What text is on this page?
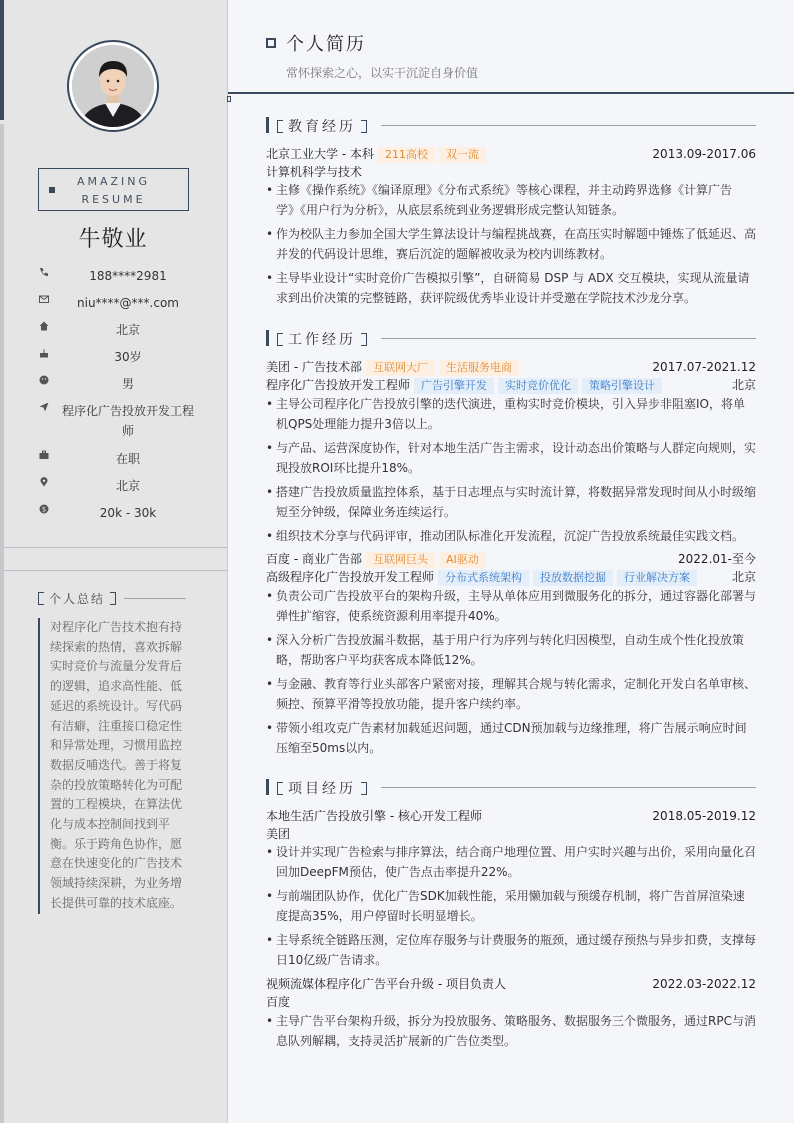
AMAZING
RESUME
牛敬业
188****2981
niu****@***.com
北京
30岁
男
程序化广告投放开发工程师
在职
北京
$	20k - 30k
个人总结
对程序化广告技术抱有持续探索的热情，喜欢拆解实时竞价与流量分发背后的逻辑，追求高性能、低延迟的系统设计。写代码有洁癖，注重接口稳定性和异常处理，习惯用监控数据反哺迭代。善于将复杂的投放策略转化为可配置的工程模块，在算法优化与成本控制间找到平衡。乐于跨角色协作，愿意在快速变化的广告技术领域持续深耕，为业务增长提供可靠的技术底座。
个人简历
常怀探索之心，以实干沉淀自身价值
教育经历
北京工业大学 - 本科 211高校 双一流	2013.09-2017.06
计算机科学与技术
• 主修《操作系统》《编译原理》《分布式系统》等核心课程，并主动跨界选修《计算广告学》《用户行为分析》，从底层系统到业务逻辑形成完整认知链条。
• 作为校队主力参加全国大学生算法设计与编程挑战赛，在高压实时解题中锤炼了低延迟、高并发的代码设计思维，赛后沉淀的题解被收录为校内训练教材。
• 主导毕业设计“实时竞价广告模拟引擎”，自研简易 DSP 与 ADX 交互模块，实现从流量请求到出价决策的完整链路，获评院级优秀毕业设计并受邀在学院技术沙龙分享。
工作经历
美团 - 广告技术部 互联网大厂 生活服务电商	2017.07-2021.12
程序化广告投放开发工程师 广告引擎开发 实时竞价优化 策略引擎设计	北京
• 主导公司程序化广告投放引擎的迭代演进，重构实时竞价模块，引入异步非阻塞IO，将单机QPS处理能力提升3倍以上。
• 与产品、运营深度协作，针对本地生活广告主需求，设计动态出价策略与人群定向规则，实现投放ROI环比提升18%。
• 搭建广告投放质量监控体系，基于日志埋点与实时流计算，将数据异常发现时间从小时级缩短至分钟级，保障业务连续运行。
• 组织技术分享与代码评审，推动团队标准化开发流程，沉淀广告投放系统最佳实践文档。
百度 - 商业广告部 互联网巨头 AI驱动	2022.01-至今
高级程序化广告投放开发工程师 分布式系统架构 投放数据挖掘 行业解决方案	北京
• 负责公司广告投放平台的架构升级，主导从单体应用到微服务化的拆分，通过容器化部署与弹性扩缩容，使系统资源利用率提升40%。
• 深入分析广告投放漏斗数据，基于用户行为序列与转化归因模型，自动生成个性化投放策略，帮助客户平均获客成本降低12%。
• 与金融、教育等行业头部客户紧密对接，理解其合规与转化需求，定制化开发白名单审核、频控、预算平滑等投放功能，提升客户续约率。
• 带领小组攻克广告素材加载延迟问题，通过CDN预加载与边缘推理，将广告展示响应时间压缩至50ms以内。
项目经历
本地生活广告投放引擎 - 核心开发工程师	2018.05-2019.12
美团
• 设计并实现广告检索与排序算法，结合商户地理位置、用户实时兴趣与出价，采用向量化召回加DeepFM预估，使广告点击率提升22%。
• 与前端团队协作，优化广告SDK加载性能，采用懒加载与预缓存机制，将广告首屏渲染速度提高35%，用户停留时长明显增长。
• 主导系统全链路压测，定位库存服务与计费服务的瓶颈，通过缓存预热与异步扣费，支撑每日10亿级广告请求。
视频流媒体程序化广告平台升级 - 项目负责人	2022.03-2022.12
百度
• 主导广告平台架构升级，拆分为投放服务、策略服务、数据服务三个微服务，通过RPC与消息队列解耦，支持灵活扩展新的广告位类型。
